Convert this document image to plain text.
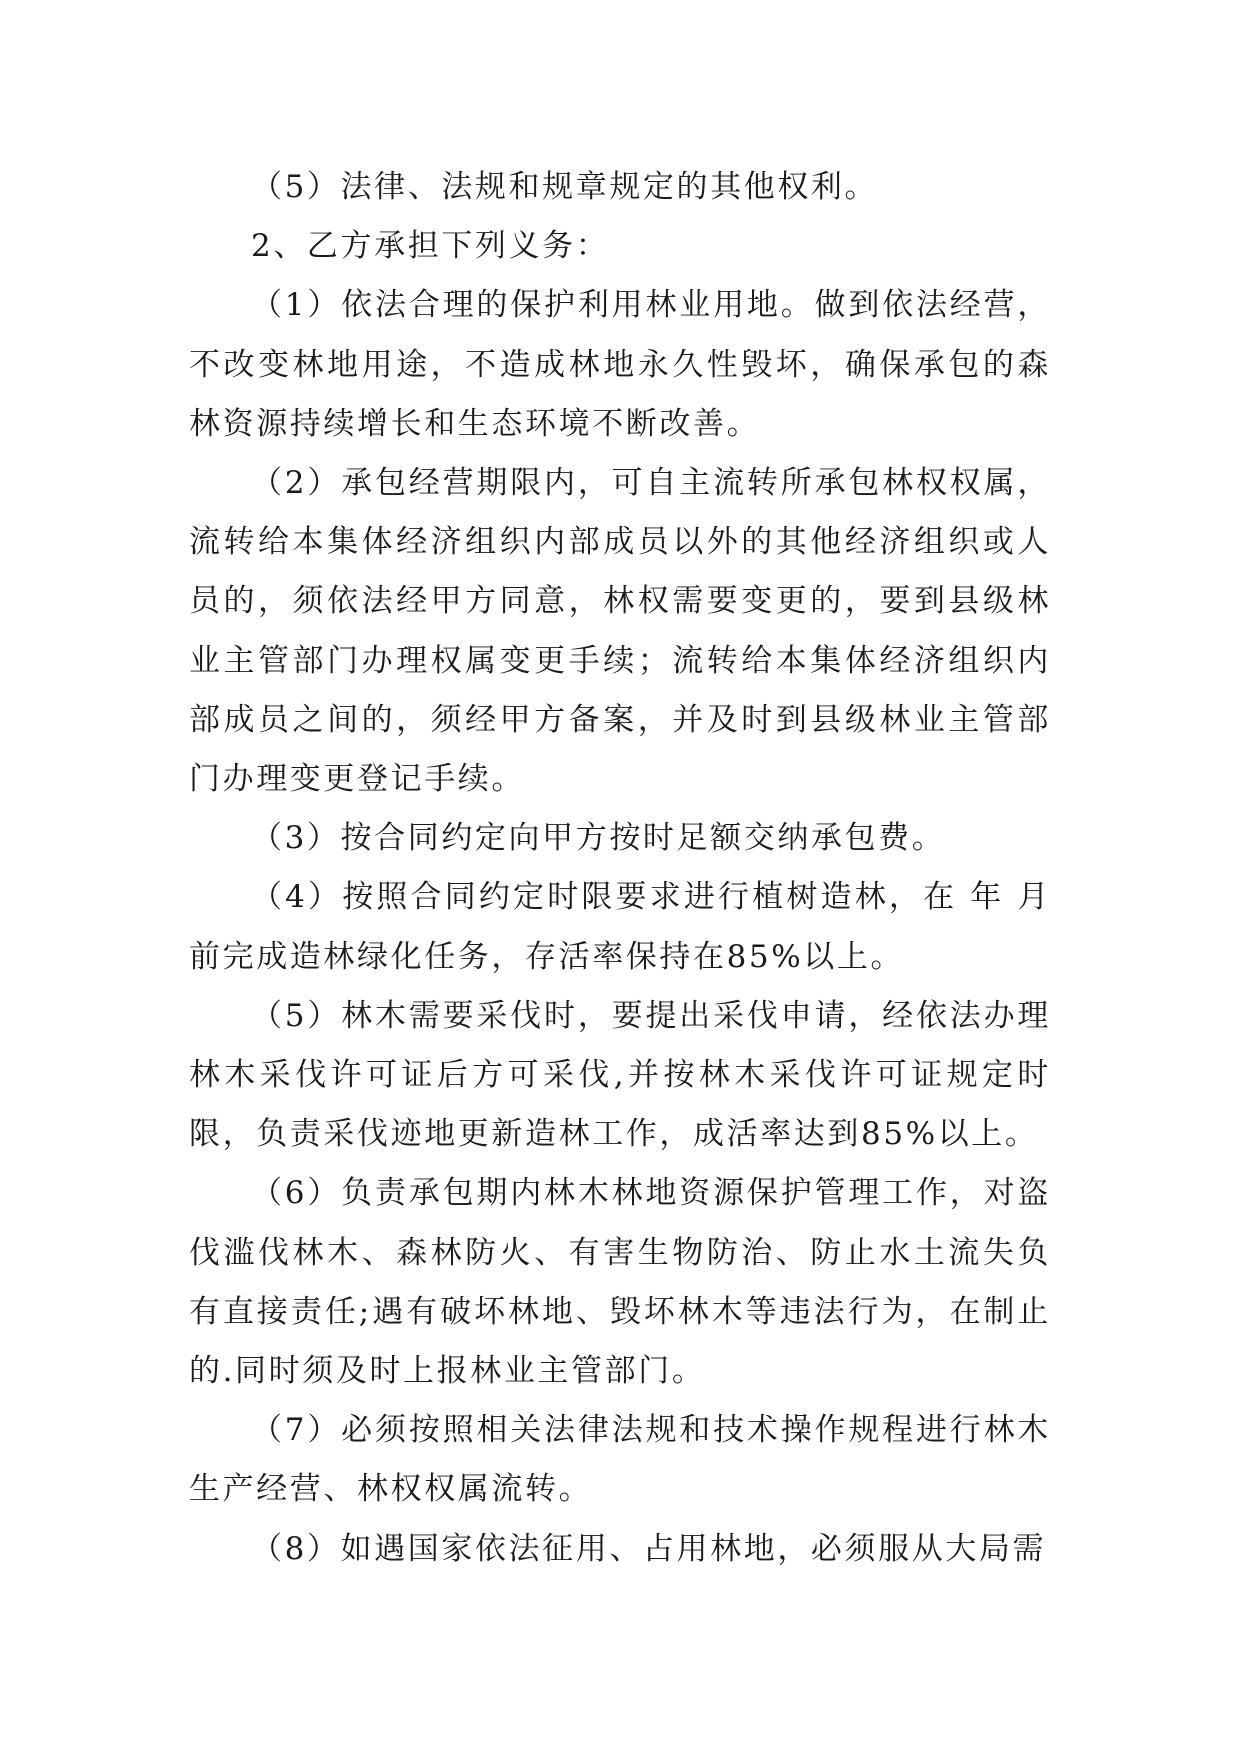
（5）法律、法规和规章规定的其他权利。

2、乙方承担下列义务：

（1）依法合理的保护利用林业用地。做到依法经营，不改变林地用途，不造成林地永久性毁坏，确保承包的森林资源持续增长和生态环境不断改善。

（2）承包经营期限内，可自主流转所承包林权权属，流转给本集体经济组织内部成员以外的其他经济组织或人员的，须依法经甲方同意，林权需要变更的，要到县级林业主管部门办理权属变更手续；流转给本集体经济组织内部成员之间的，须经甲方备案，并及时到县级林业主管部门办理变更登记手续。

（3）按合同约定向甲方按时足额交纳承包费。

（4）按照合同约定时限要求进行植树造林，在 年 月前完成造林绿化任务，存活率保持在85%以上。

（5）林木需要采伐时，要提出采伐申请，经依法办理林木采伐许可证后方可采伐,并按林木采伐许可证规定时限，负责采伐迹地更新造林工作，成活率达到85%以上。

（6）负责承包期内林木林地资源保护管理工作，对盗伐滥伐林木、森林防火、有害生物防治、防止水土流失负有直接责任;遇有破坏林地、毁坏林木等违法行为，在制止的.同时须及时上报林业主管部门。

（7）必须按照相关法律法规和技术操作规程进行林木生产经营、林权权属流转。

（8）如遇国家依法征用、占用林地，必须服从大局需
